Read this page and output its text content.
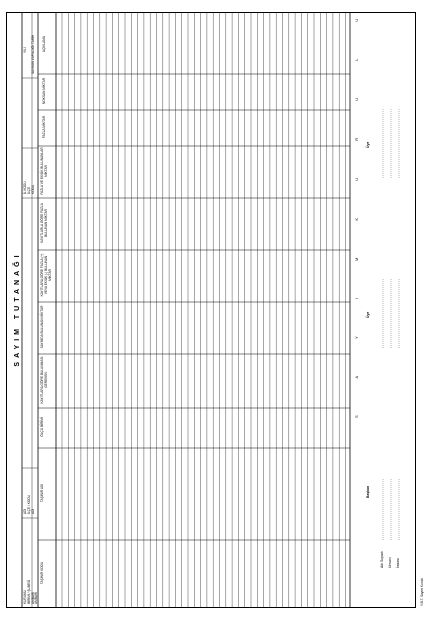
SAYIM TUTANAĞI
KURUMU BİRİMİ / ŞUBESİ AMBARI AMBARI
ADI İLÇE / KODU ADI
İL KODU İLÇE KODU
YILI SAYIMIN YAPILDIĞI TARİH
TAŞINIR KODU
TAŞINIR ADI
ÖLÇÜ BİRİMİ
KAYITLARA GÖRE BULUNMASI GEREKEN
SAYIMDA BULUNAN MİKTAR
KAYITLARA GÖRE FAZLA (+) VEYA EKSİK (-) BULUNAN MİKTAR
KAYITLARLA GÖRE FAZLA BULUNAN MİKTAR
FAZLA VE EKSİK BULUNANLAR MİKTAR
FAZLA MİKTAR
NOKSAN MİKTAR
AÇIKLAMA	S A Y I M K U R U L U
Başkan
Adı Soyadı Unvanı İmzası
Üye
Üye
Y.B.T. Sayım Kurulu
